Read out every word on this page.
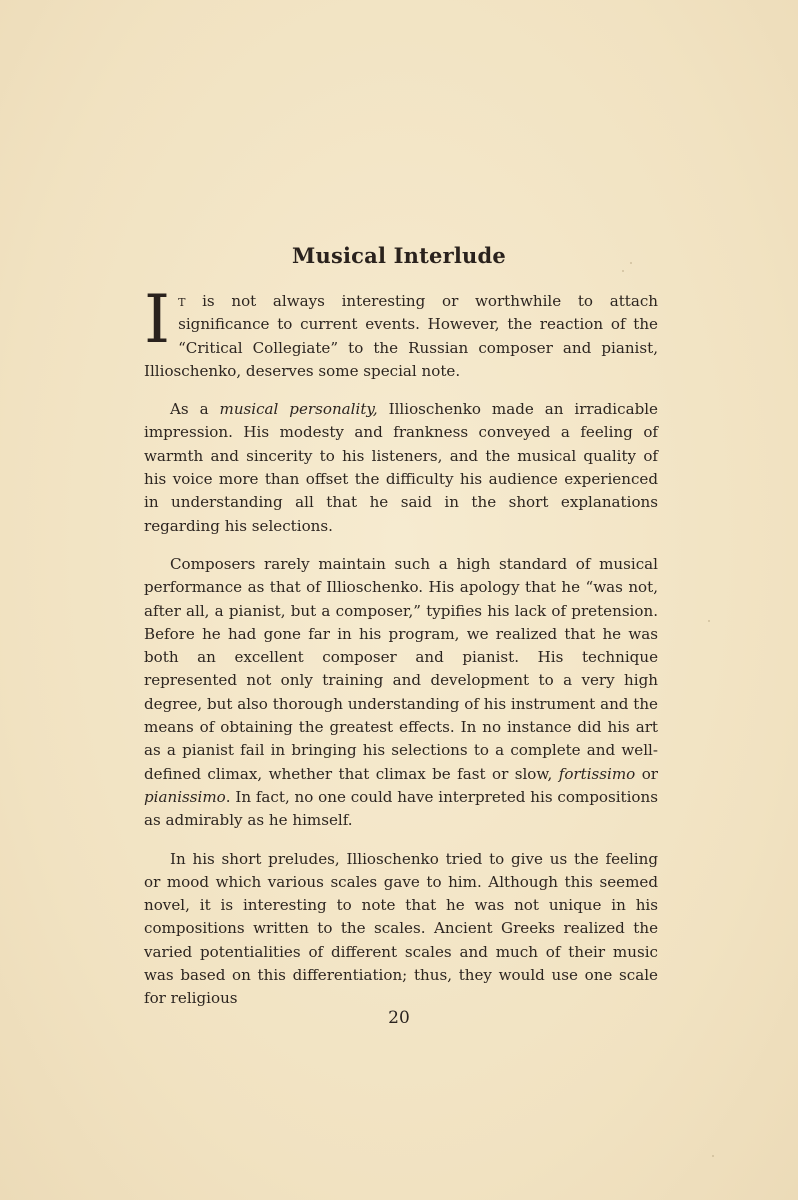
Musical Interlude

It is not always interesting or worthwhile to attach significance to current events. However, the reaction of the “Critical Collegiate” to the Russian composer and pianist, Illioschenko, deserves some special note.

As a musical personality, Illioschenko made an irradicable impression. His modesty and frankness conveyed a feeling of warmth and sincerity to his listeners, and the musical quality of his voice more than offset the difficulty his audience experienced in understanding all that he said in the short explanations regarding his selections.

Composers rarely maintain such a high standard of musical performance as that of Illioschenko. His apology that he “was not, after all, a pianist, but a composer,” typifies his lack of pretension. Before he had gone far in his program, we realized that he was both an excellent composer and pianist. His technique represented not only training and development to a very high degree, but also thorough understanding of his instrument and the means of obtaining the greatest effects. In no instance did his art as a pianist fail in bringing his selections to a complete and well-defined climax, whether that climax be fast or slow, fortissimo or pianissimo. In fact, no one could have interpreted his compositions as admirably as he himself.

In his short preludes, Illioschenko tried to give us the feeling or mood which various scales gave to him. Although this seemed novel, it is interesting to note that he was not unique in his compositions written to the scales. Ancient Greeks realized the varied potentialities of different scales and much of their music was based on this differentiation; thus, they would use one scale for religious

20
